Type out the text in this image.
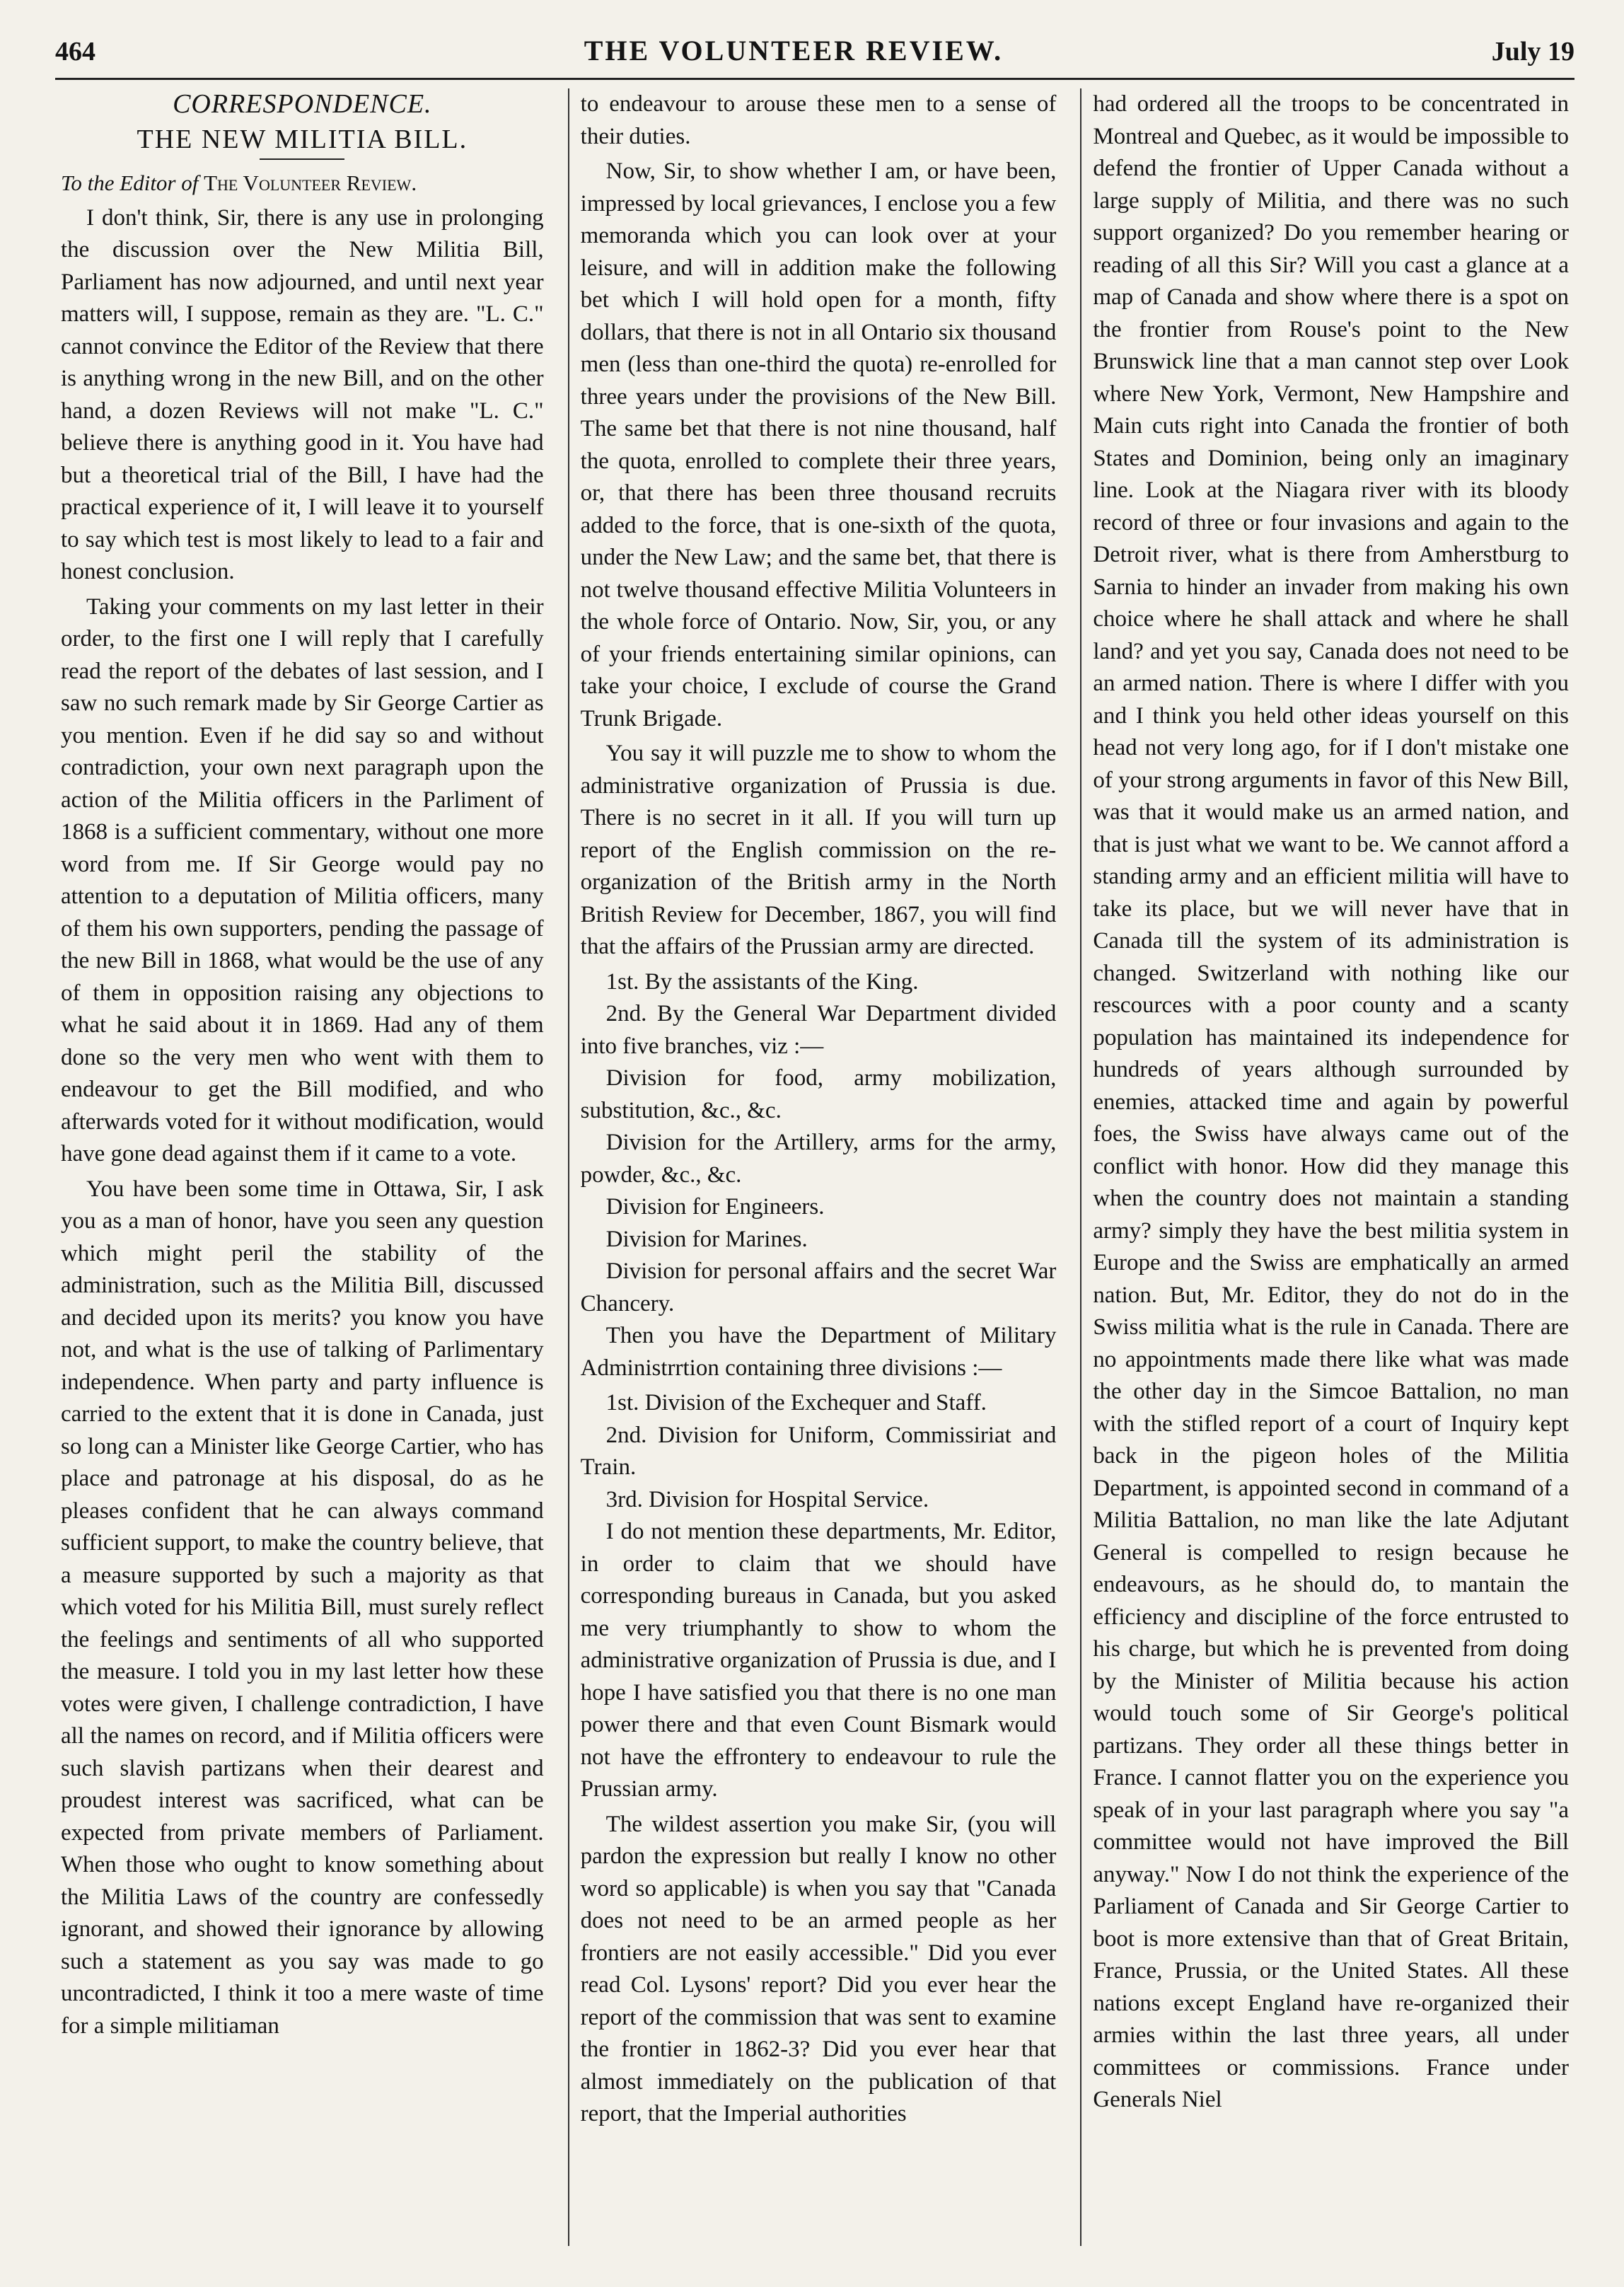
464	THE VOLUNTEER REVIEW.	July 19

CORRESPONDENCE.

THE NEW MILITIA BILL.

To the Editor of The Volunteer Review.

I don't think, Sir, there is any use in prolonging the discussion over the New Militia Bill, Parliament has now adjourned, and until next year matters will, I suppose, remain as they are. "L. C." cannot convince the Editor of the Review that there is anything wrong in the new Bill, and on the other hand, a dozen Reviews will not make "L. C." believe there is anything good in it. You have had but a theoretical trial of the Bill, I have had the practical experience of it, I will leave it to yourself to say which test is most likely to lead to a fair and honest conclusion.

Taking your comments on my last letter in their order, to the first one I will reply that I carefully read the report of the debates of last session, and I saw no such remark made by Sir George Cartier as you mention. Even if he did say so and without contradiction, your own next paragraph upon the action of the Militia officers in the Parliment of 1868 is a sufficient commentary, without one more word from me. If Sir George would pay no attention to a deputation of Militia officers, many of them his own supporters, pending the passage of the new Bill in 1868, what would be the use of any of them in opposition raising any objections to what he said about it in 1869. Had any of them done so the very men who went with them to endeavour to get the Bill modified, and who afterwards voted for it without modification, would have gone dead against them if it came to a vote.

You have been some time in Ottawa, Sir, I ask you as a man of honor, have you seen any question which might peril the stability of the administration, such as the Militia Bill, discussed and decided upon its merits? you know you have not, and what is the use of talking of Parlimentary independence. When party and party influence is carried to the extent that it is done in Canada, just so long can a Minister like George Cartier, who has place and patronage at his disposal, do as he pleases confident that he can always command sufficient support, to make the country believe, that a measure supported by such a majority as that which voted for his Militia Bill, must surely reflect the feelings and sentiments of all who supported the measure. I told you in my last letter how these votes were given, I challenge contradiction, I have all the names on record, and if Militia officers were such slavish partizans when their dearest and proudest interest was sacrificed, what can be expected from private members of Parliament. When those who ought to know something about the Militia Laws of the country are confessedly ignorant, and showed their ignorance by allowing such a statement as you say was made to go uncontradicted, I think it too a mere waste of time for a simple militiaman

to endeavour to arouse these men to a sense of their duties.

Now, Sir, to show whether I am, or have been, impressed by local grievances, I enclose you a few memoranda which you can look over at your leisure, and will in addition make the following bet which I will hold open for a month, fifty dollars, that there is not in all Ontario six thousand men (less than one-third the quota) re-enrolled for three years under the provisions of the New Bill. The same bet that there is not nine thousand, half the quota, enrolled to complete their three years, or, that there has been three thousand recruits added to the force, that is one-sixth of the quota, under the New Law; and the same bet, that there is not twelve thousand effective Militia Volunteers in the whole force of Ontario. Now, Sir, you, or any of your friends entertaining similar opinions, can take your choice, I exclude of course the Grand Trunk Brigade.

You say it will puzzle me to show to whom the administrative organization of Prussia is due. There is no secret in it all. If you will turn up report of the English commission on the re-organization of the British army in the North British Review for December, 1867, you will find that the affairs of the Prussian army are directed.

1st. By the assistants of the King.

2nd. By the General War Department divided into five branches, viz :—

Division for food, army mobilization, substitution, &c., &c.

Division for the Artillery, arms for the army, powder, &c., &c.

Division for Engineers.

Division for Marines.

Division for personal affairs and the secret War Chancery.

Then you have the Department of Military Administrrtion containing three divisions :—

1st. Division of the Exchequer and Staff.

2nd. Division for Uniform, Commissiriat and Train.

3rd. Division for Hospital Service.

I do not mention these departments, Mr. Editor, in order to claim that we should have corresponding bureaus in Canada, but you asked me very triumphantly to show to whom the administrative organization of Prussia is due, and I hope I have satisfied you that there is no one man power there and that even Count Bismark would not have the effrontery to endeavour to rule the Prussian army.

The wildest assertion you make Sir, (you will pardon the expression but really I know no other word so applicable) is when you say that "Canada does not need to be an armed people as her frontiers are not easily accessible." Did you ever read Col. Lysons' report? Did you ever hear the report of the commission that was sent to examine the frontier in 1862-3? Did you ever hear that almost immediately on the publication of that report, that the Imperial authorities

had ordered all the troops to be concentrated in Montreal and Quebec, as it would be impossible to defend the frontier of Upper Canada without a large supply of Militia, and there was no such support organized? Do you remember hearing or reading of all this Sir? Will you cast a glance at a map of Canada and show where there is a spot on the frontier from Rouse's point to the New Brunswick line that a man cannot step over Look where New York, Vermont, New Hampshire and Main cuts right into Canada the frontier of both States and Dominion, being only an imaginary line. Look at the Niagara river with its bloody record of three or four invasions and again to the Detroit river, what is there from Amherstburg to Sarnia to hinder an invader from making his own choice where he shall attack and where he shall land? and yet you say, Canada does not need to be an armed nation. There is where I differ with you and I think you held other ideas yourself on this head not very long ago, for if I don't mistake one of your strong arguments in favor of this New Bill, was that it would make us an armed nation, and that is just what we want to be. We cannot afford a standing army and an efficient militia will have to take its place, but we will never have that in Canada till the system of its administration is changed. Switzerland with nothing like our rescources with a poor county and a scanty population has maintained its independence for hundreds of years although surrounded by enemies, attacked time and again by powerful foes, the Swiss have always came out of the conflict with honor. How did they manage this when the country does not maintain a standing army? simply they have the best militia system in Europe and the Swiss are emphatically an armed nation. But, Mr. Editor, they do not do in the Swiss militia what is the rule in Canada. There are no appointments made there like what was made the other day in the Simcoe Battalion, no man with the stifled report of a court of Inquiry kept back in the pigeon holes of the Militia Department, is appointed second in command of a Militia Battalion, no man like the late Adjutant General is compelled to resign because he endeavours, as he should do, to mantain the efficiency and discipline of the force entrusted to his charge, but which he is prevented from doing by the Minister of Militia because his action would touch some of Sir George's political partizans. They order all these things better in France. I cannot flatter you on the experience you speak of in your last paragraph where you say "a committee would not have improved the Bill anyway." Now I do not think the experience of the Parliament of Canada and Sir George Cartier to boot is more extensive than that of Great Britain, France, Prussia, or the United States. All these nations except England have re-organized their armies within the last three years, all under committees or commissions. France under Generals Niel
